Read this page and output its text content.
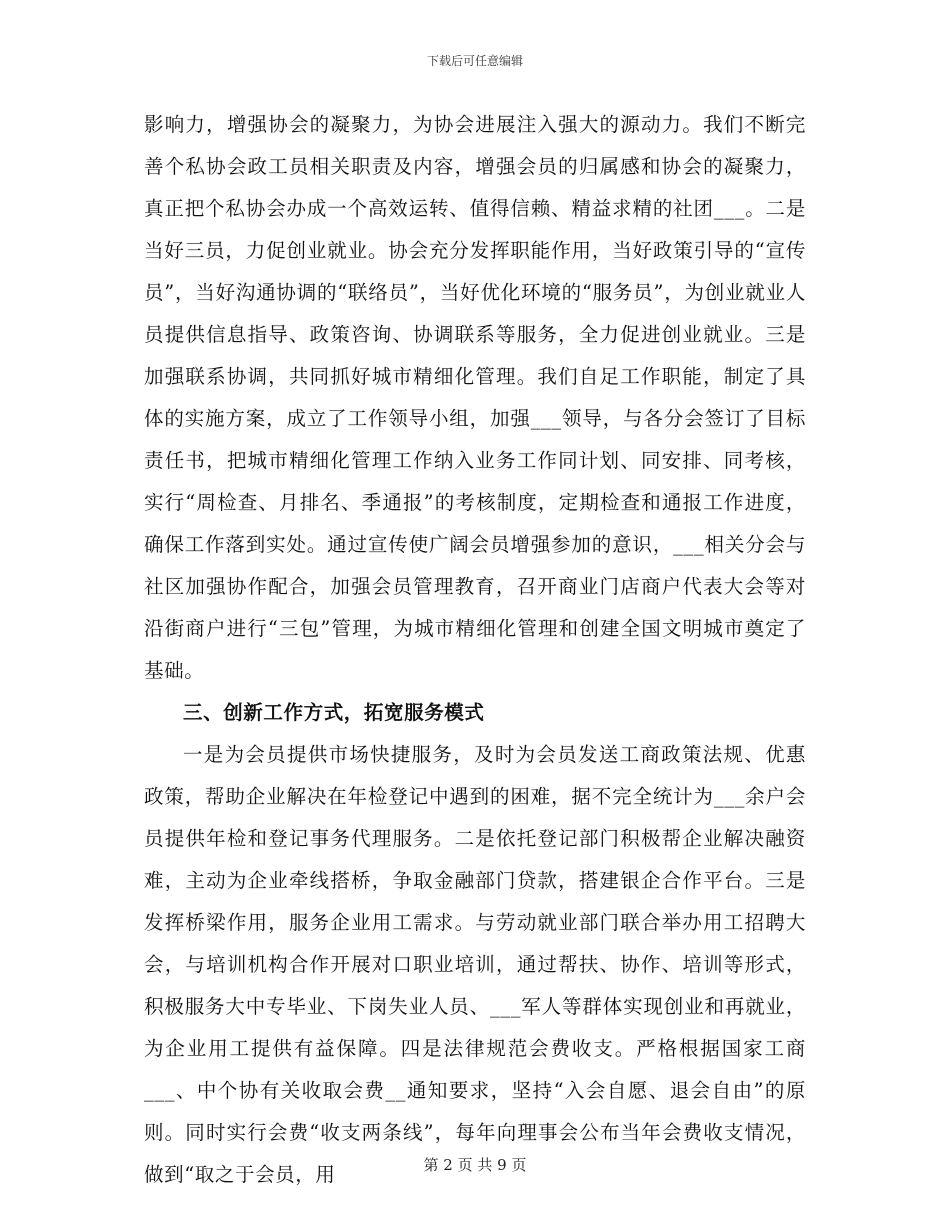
下载后可任意编辑

影响力，增强协会的凝聚力，为协会进展注入强大的源动力。我们不断完善个私协会政工员相关职责及内容，增强会员的归属感和协会的凝聚力，真正把个私协会办成一个高效运转、值得信赖、精益求精的社团___。二是当好三员，力促创业就业。协会充分发挥职能作用，当好政策引导的“宣传员”，当好沟通协调的“联络员”，当好优化环境的“服务员”，为创业就业人员提供信息指导、政策咨询、协调联系等服务，全力促进创业就业。三是加强联系协调，共同抓好城市精细化管理。我们自足工作职能，制定了具体的实施方案，成立了工作领导小组，加强___领导，与各分会签订了目标责任书，把城市精细化管理工作纳入业务工作同计划、同安排、同考核，实行“周检查、月排名、季通报”的考核制度，定期检查和通报工作进度，确保工作落到实处。通过宣传使广阔会员增强参加的意识，___相关分会与社区加强协作配合，加强会员管理教育，召开商业门店商户代表大会等对沿街商户进行“三包”管理，为城市精细化管理和创建全国文明城市奠定了基础。

三、创新工作方式，拓宽服务模式

一是为会员提供市场快捷服务，及时为会员发送工商政策法规、优惠政策，帮助企业解决在年检登记中遇到的困难，据不完全统计为___余户会员提供年检和登记事务代理服务。二是依托登记部门积极帮企业解决融资难，主动为企业牵线搭桥，争取金融部门贷款，搭建银企合作平台。三是发挥桥梁作用，服务企业用工需求。与劳动就业部门联合举办用工招聘大会，与培训机构合作开展对口职业培训，通过帮扶、协作、培训等形式，积极服务大中专毕业、下岗失业人员、___军人等群体实现创业和再就业，为企业用工提供有益保障。四是法律规范会费收支。严格根据国家工商___、中个协有关收取会费__通知要求，坚持“入会自愿、退会自由”的原则。同时实行会费“收支两条线”，每年向理事会公布当年会费收支情况，做到“取之于会员，用	第 2 页 共 9 页
